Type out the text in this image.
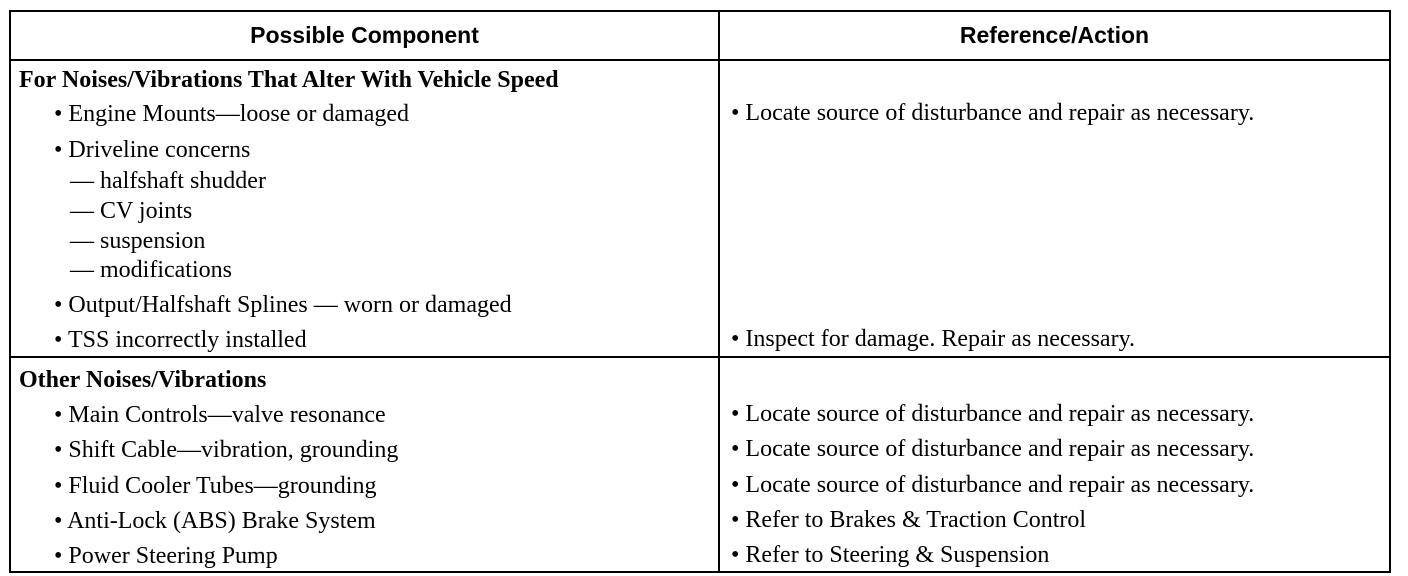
Possible Component	Reference/Action
For Noises/Vibrations That Alter With Vehicle Speed
• Engine Mounts—loose or damaged
• Driveline concerns
— halfshaft shudder
— CV joints
— suspension
— modifications
• Output/Halfshaft Splines — worn or damaged
• TSS incorrectly installed
• Locate source of disturbance and repair as necessary.
• Inspect for damage. Repair as necessary.
Other Noises/Vibrations
• Main Controls—valve resonance
• Shift Cable—vibration, grounding
• Fluid Cooler Tubes—grounding
• Anti-Lock (ABS) Brake System
• Power Steering Pump
• Locate source of disturbance and repair as necessary.
• Locate source of disturbance and repair as necessary.
• Locate source of disturbance and repair as necessary.
• Refer to Brakes & Traction Control
• Refer to Steering & Suspension
